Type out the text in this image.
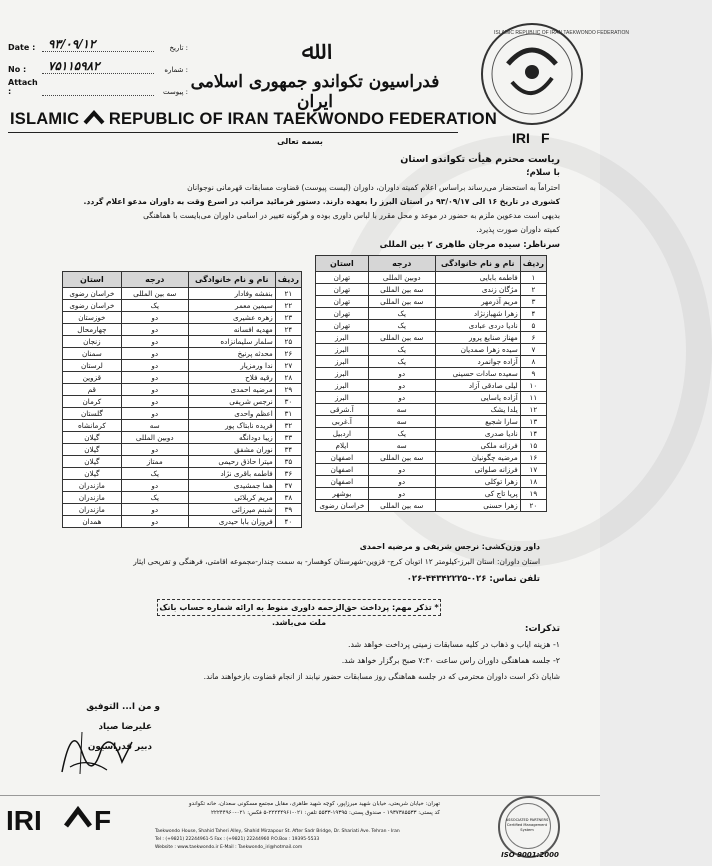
Date :	۹۳/۰۹/۱۲	تاریخ :
No :	۷۵۱۱۵۹۸۲	شماره :
Attach :	پیوست :
ﷲ
فدراسیون تکواندو جمهوری اسلامی ایران
IRI F
ISLAMIC REPUBLIC OF IRAN TAEKWONDO FEDERATION
ISLAMIC REPUBLIC OF IRAN TAEKWONDO FEDERATION
بسمه تعالی
ریاست محترم هیأت تکواندو استان
با سلام؛
احتراماً به استحضار می‌رساند براساس اعلام کمیته داوران، داوران (لیست پیوست) قضاوت مسابقات قهرمانی نوجوانان
کشوری در تاریخ ۱۶ الی ۹۳/۰۹/۱۷ در استان البرز را بعهده دارند. دستور فرمائید مراتب در اسرع وقت به داوران مدعو اعلام گردد.
بدیهی است مدعوین ملزم به حضور در موعد و محل مقرر با لباس داوری بوده و هرگونه تغییر در اسامی داوران می‌بایست با هماهنگی
کمیته داوران صورت پذیرد.
سرناظر: سیده مرجان طاهری ۲ بین المللی
ردیف	نام و نام خانوادگی	درجه	استان
۱	فاطمه بابایی	دوبین المللی	تهران
۲	مژگان زندی	سه بین المللی	تهران
۳	مریم آذرمهر	سه بین المللی	تهران
۴	زهرا شهبازنژاد	یک	تهران
۵	نادیا دردی عبادی	یک	تهران
۶	مهناز صنایع پرور	سه بین المللی	البرز
۷	سیده زهرا صمدیان	یک	البرز
۸	آزاده جوانمرد	یک	البرز
۹	سعیده سادات حسینی	دو	البرز
۱۰	لیلی صادقی آزاد	دو	البرز
۱۱	آزاده یاسایی	دو	البرز
۱۲	یلدا یشک	سه	آ.شرقی
۱۳	سارا شجیع	سه	آ.غربی
۱۴	نادیا صدری	یک	اردبیل
۱۵	فرزانه ملکی	سه	ایلام
۱۶	مرضیه چگونیان	سه بین المللی	اصفهان
۱۷	فرزانه صلواتی	دو	اصفهان
۱۸	زهرا توکلی	دو	اصفهان
۱۹	پریا تاج کی	دو	بوشهر
۲۰	زهرا حسنی	سه بین المللی	خراسان رضوی
ردیف	نام و نام خانوادگی	درجه	استان
۲۱	بنفشه وفادار	سه بین المللی	خراسان رضوی
۲۲	سیمین معمر	یک	خراسان رضوی
۲۳	زهره عشیری	دو	خوزستان
۲۴	مهدیه افسانه	دو	چهارمحال
۲۵	سلمار سلیمانزاده	دو	زنجان
۲۶	محدثه پرنیخ	دو	سمنان
۲۷	ندا ورمزیار	دو	لرستان
۲۸	رقیه فلاح	دو	قزوین
۲۹	مرضیه احمدی	دو	قم
۳۰	نرجس شریفی	دو	کرمان
۳۱	اعظم واحدی	دو	گلستان
۳۲	فریده نابتاک پور	سه	کرمانشاه
۳۳	زیبا دودانگه	دوبین المللی	گیلان
۳۴	نوران مشفق	دو	گیلان
۳۵	میترا حاذق رحیمی	ممتاز	گیلان
۳۶	فاطمه باقری نژاد	یک	گیلان
۳۷	هما جمشیدی	دو	مازندران
۳۸	مریم کربلائی	یک	مازندران
۳۹	شبنم میرزائی	دو	مازندران
۴۰	فروزان بابا حیدری	دو	همدان
داور وزن‌کشی: نرجس شریفی و مرضیه احمدی
استان داوران: استان البرز-کیلومتر ۱۲ اتوبان کرج- قزوین-شهرستان کوهسار- به سمت چندار-مجموعه اقامتی، فرهنگی و تفریحی ایثار
تلفن تماس: ۰۲۶-۴۴۳۴۲۲۲۵-۰۲۶
* تذکر مهم: پرداخت حق‌الزحمه داوری منوط به ارائه شماره حساب بانک ملت می‌باشد.
تذکرات:
۱- هزینه ایاب و ذهاب در کلیه مسابقات زمینی پرداخت خواهد شد.
۲- جلسه هماهنگی داوران راس ساعت ۷:۳۰ صبح برگزار خواهد شد.
شایان ذکر است داوران محترمی که در جلسه هماهنگی روز مسابقات حضور نیابند از انجام قضاوت بازخواهند ماند.
و من ا... التوفیق
علیرضا صیاد
دبیر فدراسیون
IRI F
تهران: خیابان شریعتی، خیابان شهید میرزاپور، کوچه شهید طاهری، مقابل مجتمع مسکونی سعدان، خانه تکواندو
کد پستی: ۱۹۳۷۳۸۵۵۳۳ - صندوق پستی: ۱۹۳۹۵-۵۵۳۳ تلفن: ۰۲۱-۲۲۲۴۴۹۶۱-۵ فکس: ۰۲۱-۲۲۲۴۴۹۶۰
Taekwondo House, Shahid Taheri Alley, Shahid Mirzapour St. After Sadr Bridge, Dr. Shariati Ave. Tehran - Iran
Tel : (+9821) 22244961-5 Fax : (+9821) 22244960 P.O.Box : 19395-5533
Website : www.taekwondo.ir E-Mail : Taekwondo_iri@hotmail.com
ASSOCIATED PARTNERS Certified Management System
ISO 9001:2000
